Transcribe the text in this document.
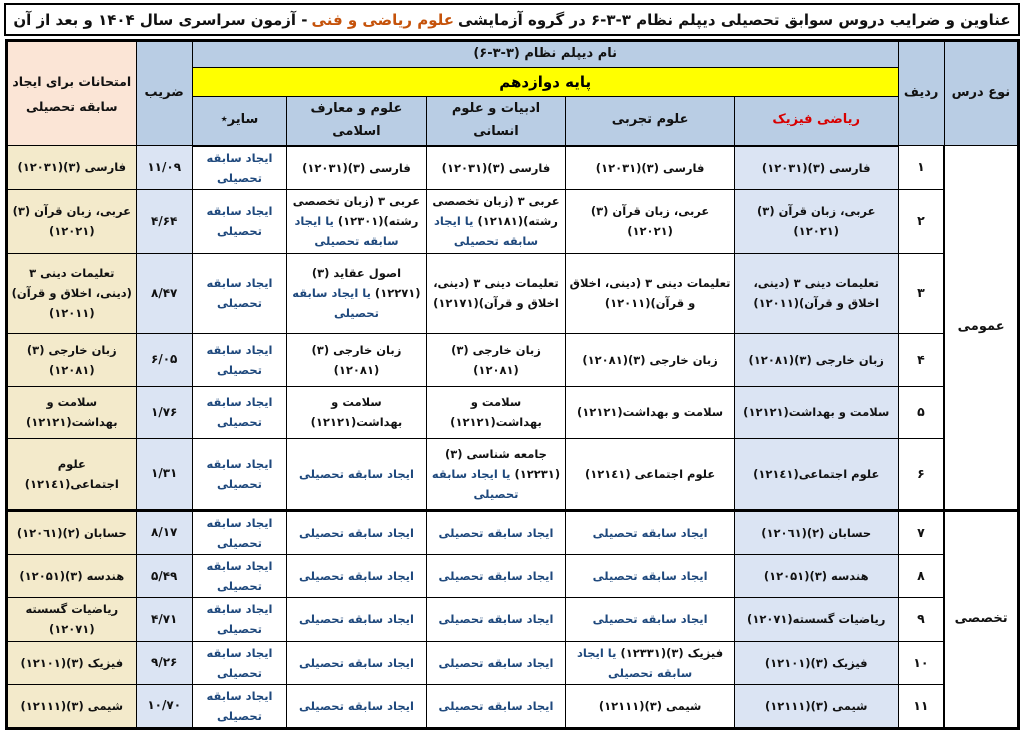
عناوین و ضرایب دروس سوابق تحصیلی دیپلم نظام ۳-۳-۶ در گروه آزمایشی
علوم ریاضی و فنی
- آزمون سراسری سال ۱۴۰۴ و بعد از آن
نوع درس	ردیف	نام دیپلم نظام (۳-۳-۶)					ضریب	امتحانات برای ایجاد سابقه تحصیلی
		پایه دوازدهم						
		ریاضی فیزیک	علوم تجربی	ادبیات و علوم انسانی	علوم و معارف اسلامی	سایر٭		
عمومی	۱	فارسی (۳)(۱۲۰۳۱)	فارسی (۳)(۱۲۰۳۱)	فارسی (۳)(۱۲۰۳۱)	فارسی (۳)(۱۲۰۳۱)	ایجاد سابقه تحصیلی	۱۱/۰۹	فارسی (۳)(۱۲۰۳۱)
	۲	عربی، زبان قرآن (۳)(۱۲۰۲۱)	عربی، زبان قرآن (۳)(۱۲۰۲۱)	عربی ۳ (زبان تخصصی رشته)(۱۲۱۸۱) یا ایجاد سابقه تحصیلی	عربی ۳ (زبان تخصصی رشته)(۱۲۳۰۱) یا ایجاد سابقه تحصیلی	ایجاد سابقه تحصیلی	۴/۶۴	عربی، زبان قرآن (۳)(۱۲۰۲۱)
	۳	تعلیمات دینی ۳ (دینی، اخلاق و قرآن)(۱۲۰۱۱)	تعلیمات دینی ۳ (دینی، اخلاق و قرآن)(۱۲۰۱۱)	تعلیمات دینی ۳ (دینی، اخلاق و قرآن)(۱۲۱۷۱)	اصول عقاید (۳)(۱۲۲۷۱) یا ایجاد سابقه تحصیلی	ایجاد سابقه تحصیلی	۸/۴۷	تعلیمات دینی ۳ (دینی، اخلاق و قرآن)(۱۲۰۱۱)
	۴	زبان خارجی (۳)(۱۲۰۸۱)	زبان خارجی (۳)(۱۲۰۸۱)	زبان خارجی (۳)(۱۲۰۸۱)	زبان خارجی (۳)(۱۲۰۸۱)	ایجاد سابقه تحصیلی	۶/۰۵	زبان خارجی (۳) (۱۲۰۸۱)
	۵	سلامت و بهداشت(۱۲۱۲۱)	سلامت و بهداشت(۱۲۱۲۱)	سلامت و بهداشت(۱۲۱۲۱)	سلامت و بهداشت(۱۲۱۲۱)	ایجاد سابقه تحصیلی	۱/۷۶	سلامت و بهداشت(۱۲۱۲۱)
	۶	علوم اجتماعی(۱۲۱٤۱)	علوم اجتماعی (۱۲۱٤۱)	جامعه شناسی (۳) (۱۲۲۳۱) یا ایجاد سابقه تحصیلی	ایجاد سابقه تحصیلی	ایجاد سابقه تحصیلی	۱/۳۱	علوم اجتماعی(۱۲۱٤۱)
تخصصی	۷	حسابان (۲)(۱۲۰٦۱)	ایجاد سابقه تحصیلی	ایجاد سابقه تحصیلی	ایجاد سابقه تحصیلی	ایجاد سابقه تحصیلی	۸/۱۷	حسابان (۲)(۱۲۰٦۱)
	۸	هندسه (۳)(۱۲۰۵۱)	ایجاد سابقه تحصیلی	ایجاد سابقه تحصیلی	ایجاد سابقه تحصیلی	ایجاد سابقه تحصیلی	۵/۴۹	هندسه (۳)(۱۲۰۵۱)
	۹	ریاضیات گسسته(۱۲۰۷۱)	ایجاد سابقه تحصیلی	ایجاد سابقه تحصیلی	ایجاد سابقه تحصیلی	ایجاد سابقه تحصیلی	۴/۷۱	ریاضیات گسسته (۱۲۰۷۱)
	۱۰	فیزیک (۳)(۱۲۱۰۱)	فیزیک (۳)(۱۲۳۳۱) یا ایجاد سابقه تحصیلی	ایجاد سابقه تحصیلی	ایجاد سابقه تحصیلی	ایجاد سابقه تحصیلی	۹/۲۶	فیزیک (۳)(۱۲۱۰۱)
	۱۱	شیمی (۳)(۱۲۱۱۱)	شیمی (۳)(۱۲۱۱۱)	ایجاد سابقه تحصیلی	ایجاد سابقه تحصیلی	ایجاد سابقه تحصیلی	۱۰/۷۰	شیمی (۳)(۱۲۱۱۱)
